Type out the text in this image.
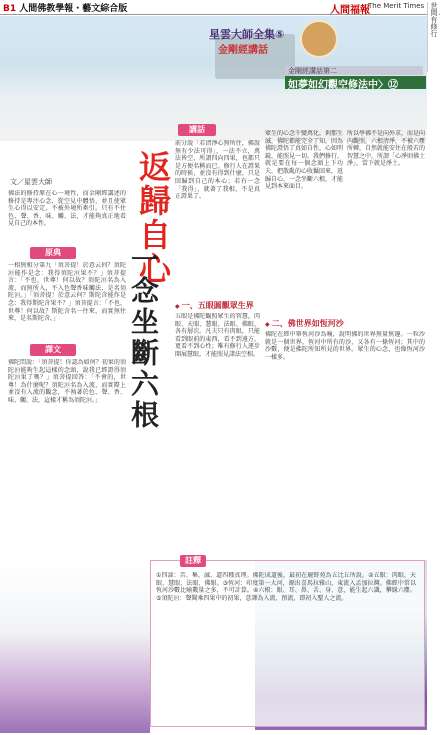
B1 人間佛教學報・藝文綜合版	人間福報
The Merit Times 世間有修行
星雲大師全集⑤
金剛經講話
金剛經講話第二
如夢如幻觀空修法中〉⑫
文／星雲大師
佛法的修持原在心一境性，而金剛經講述的修持是專注心念，從空見中體悟，並且使眾生心得以安定，不被外境所牽引。只有不住色、聲、香、味、觸、法，才能夠真正地看見自己的本性。
原典
一相無相分第九「須菩提！於意云何？須陀洹能作是念：我得須陀洹果不？」須菩提言：「不也，世尊！何以故？須陀洹名為入流，而無所入，不入色聲香味觸法，是名須陀洹。」「須菩提！於意云何？斯陀含能作是念：我得斯陀含果不？」須菩提言：「不也，世尊！何以故？斯陀含名一往來，而實無往來，是名斯陀含。」
譯文
佛陀問說：「須菩提！你認為如何？初果的須陀洹能夠生起這樣的念頭，說我已經證得須陀洹果了嗎？」須菩提回答：「不會的，世尊！為什麼呢？須陀洹名為入流，而實際上並沒有入流的觀念，不執著於色、聲、香、味、觸、法，這樣才稱為須陀洹。」
返歸自心
一念坐斷六根
講話
前分說「若清淨心無所住，佛說無有少法可得」，一法不立，萬法皆空，所謂四向四果，也都只是方便名稱而已。修行人在證果的時候，並沒有得到什麼，只是回歸到自己的本心；若有一念「我得」，就著了我相，不是真正證果了。
◆ 一、五眼圓觀眾生界
五眼是佛陀觀照眾生的智慧，肉眼、天眼、慧眼、法眼、佛眼，各有層次。凡夫只有肉眼，只能看到眼前的東西，看不到遠方，更看不到心性；唯有修行人逐步開展慧眼，才能照見諸法空相。
眾生的心念千變萬化，剎那生滅，佛陀都能完全了知。因為佛陀證悟了真如自性，心如明鏡，能照見一切。我們修行，就是要在每一個念頭上下功夫，把散亂的心收攝回來，返歸自心，一念坐斷六根，才能見到本來面目。
所以學佛不是向外求，而是向內觀照。六根清淨，不被六塵所轉，自然就能安住在般若的智慧之中，所謂「心淨則佛土淨」，當下就是淨土。
◆ 二、佛世界如恆河沙
佛陀在經中舉恆河沙為喻，說明佛的世界無量無邊。一粒沙就是一個世界，恆河中所有的沙，又各有一條恆河；其中的沙數，便是佛陀所知所見的世界。眾生的心念，也像恆河沙一樣多。
註釋
①四諦：苦、集、滅、道四種真理。佛陀成道後，最初在鹿野苑為五比丘所說。②五眼：肉眼、天眼、慧眼、法眼、佛眼。③恆河：印度第一大河，源出喜馬拉雅山，東流入孟加拉灣。佛經中常以恆河沙數比喻數量之多，不可計算。④六根：眼、耳、鼻、舌、身、意，能生起六識，攀緣六塵。⑤須陀洹：聲聞乘四果中的初果，意譯為入流、預流，即初入聖人之流。
